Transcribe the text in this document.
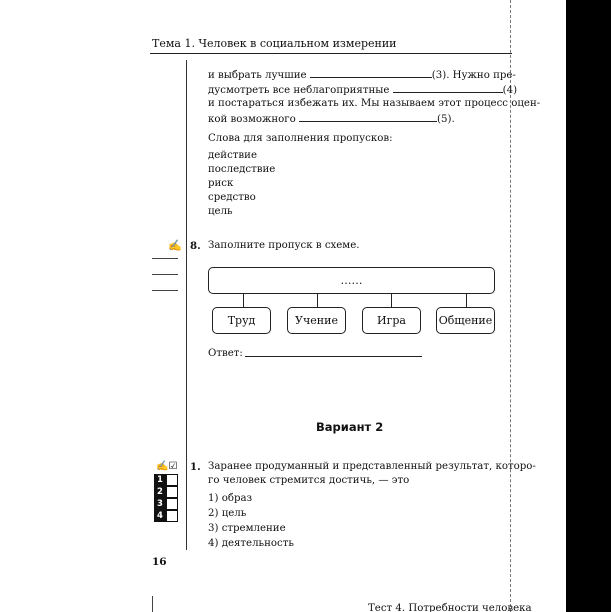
Тема 1. Человек в социальном измерении
и выбрать лучшие	(3). Нужно пре-
дусмотреть все неблагоприятные	(4)
и постараться избежать их. Мы называем этот процесс оцен-
кой возможного	(5).
Слова для заполнения пропусков:
действие
последствие
риск
средство
цель
✍ 8. Заполните пропуск в схеме.
……
Труд	Учение	Игра	Общение
Ответ:
Вариант 2
✍☑
1
2
3
4
1. Заранее продуманный и представленный результат, которо-
го человек стремится достичь, — это
1) образ
2) цель
3) стремление
4) деятельность
16
Тест 4. Потребности человека
